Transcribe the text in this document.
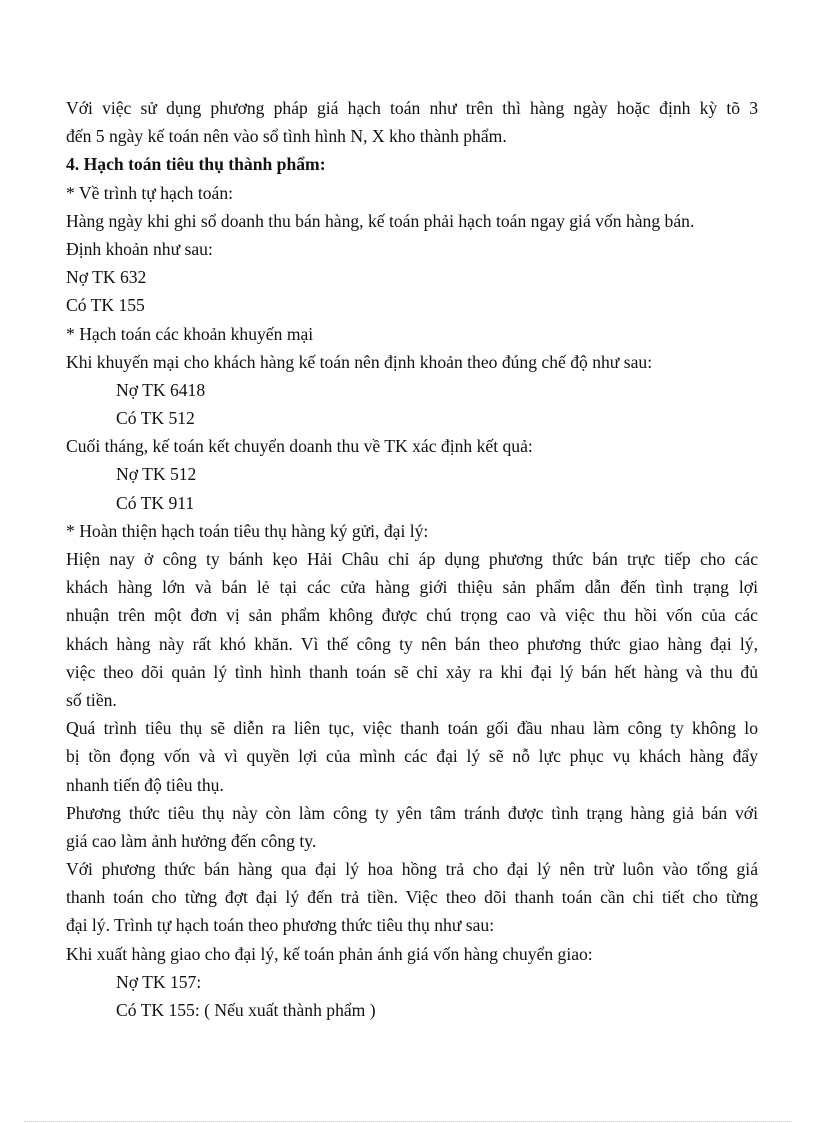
Với việc sử dụng phương pháp giá hạch toán như trên thì hàng ngày hoặc định kỳ tõ 3
đến 5 ngày kế toán nên vào sổ tình hình N, X kho thành phẩm.
4. Hạch toán tiêu thụ thành phẩm:
* Về trình tự hạch toán:
Hàng ngày khi ghi sổ doanh thu bán hàng, kế toán phải hạch toán ngay giá vốn hàng bán.
Định khoản như sau:
Nợ TK 632
Có TK 155
* Hạch toán các khoản khuyến mại
Khi khuyến mại cho khách hàng kế toán nên định khoản theo đúng chế độ như sau:
Nợ TK 6418
Có TK 512
Cuối tháng, kế toán kết chuyển doanh thu về TK xác định kết quả:
Nợ TK 512
Có TK 911
* Hoàn thiện hạch toán tiêu thụ hàng ký gửi, đại lý:
Hiện nay ở công ty bánh kẹo Hải Châu chỉ áp dụng phương thức bán trực tiếp cho các
khách hàng lớn và bán lẻ tại các cửa hàng giới thiệu sản phẩm dẫn đến tình trạng lợi
nhuận trên một đơn vị sản phẩm không được chú trọng cao và việc thu hồi vốn của các
khách hàng này rất khó khăn. Vì thế công ty nên bán theo phương thức giao hàng đại lý,
việc theo dõi quản lý tình hình thanh toán sẽ chỉ xảy ra khi đại lý bán hết hàng và thu đủ
số tiền.
Quá trình tiêu thụ sẽ diễn ra liên tục, việc thanh toán gối đầu nhau làm công ty không lo
bị tồn đọng vốn và vì quyền lợi của mình các đại lý sẽ nỗ lực phục vụ khách hàng đẩy
nhanh tiến độ tiêu thụ.
Phương thức tiêu thụ này còn làm công ty yên tâm tránh được tình trạng hàng giả bán với
giá cao làm ảnh hưởng đến công ty.
Với phương thức bán hàng qua đại lý hoa hồng trả cho đại lý nên trừ luôn vào tổng giá
thanh toán cho từng đợt đại lý đến trả tiền. Việc theo dõi thanh toán cần chi tiết cho từng
đại lý. Trình tự hạch toán theo phương thức tiêu thụ như sau:
Khi xuất hàng giao cho đại lý, kế toán phản ánh giá vốn hàng chuyển giao:
Nợ TK 157:
Có TK 155: ( Nếu xuất thành phẩm )
